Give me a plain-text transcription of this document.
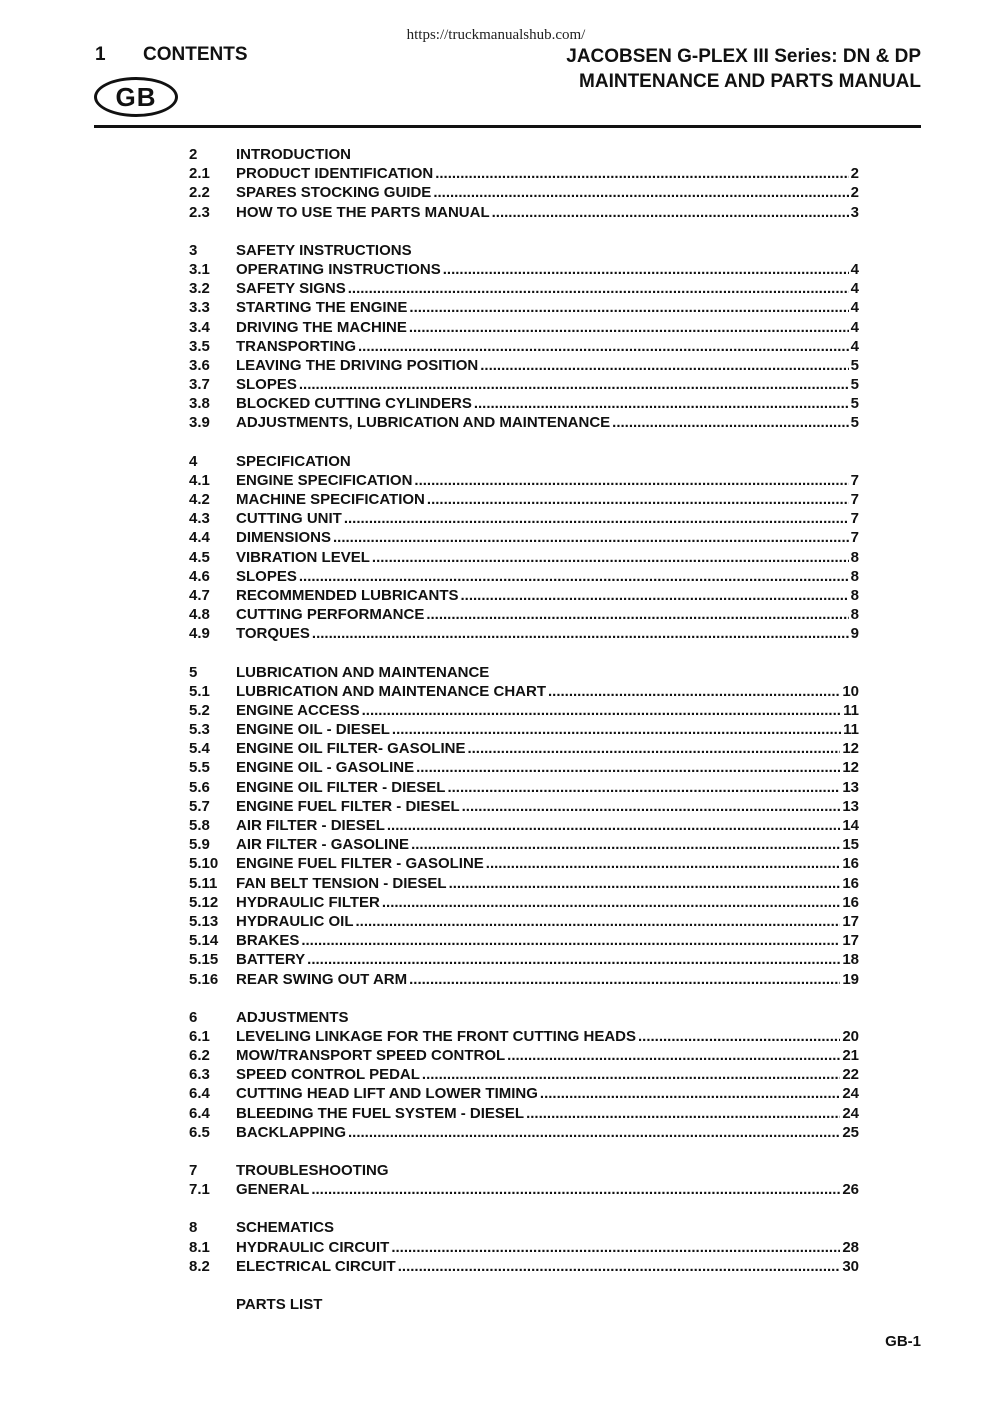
https://truckmanualshub.com/
1 CONTENTS
GB
JACOBSEN G-PLEX III Series: DN & DP
MAINTENANCE AND PARTS MANUAL
2	INTRODUCTION
2.1	PRODUCT IDENTIFICATION .....	2
2.2	SPARES STOCKING GUIDE .....	2
2.3	HOW TO USE THE PARTS MANUAL .....	3
3	SAFETY INSTRUCTIONS
3.1	OPERATING INSTRUCTIONS .....	4
3.2	SAFETY SIGNS .....	4
3.3	STARTING THE ENGINE .....	4
3.4	DRIVING THE MACHINE .....	4
3.5	TRANSPORTING .....	4
3.6	LEAVING THE DRIVING POSITION .....	5
3.7	SLOPES .....	5
3.8	BLOCKED CUTTING CYLINDERS .....	5
3.9	ADJUSTMENTS, LUBRICATION AND MAINTENANCE .....	5
4	SPECIFICATION
4.1	ENGINE SPECIFICATION .....	7
4.2	MACHINE SPECIFICATION .....	7
4.3	CUTTING UNIT .....	7
4.4	DIMENSIONS .....	7
4.5	VIBRATION LEVEL .....	8
4.6	SLOPES .....	8
4.7	RECOMMENDED LUBRICANTS .....	8
4.8	CUTTING PERFORMANCE .....	8
4.9	TORQUES .....	9
5	LUBRICATION AND MAINTENANCE
5.1	LUBRICATION AND MAINTENANCE CHART .....	10
5.2	ENGINE ACCESS .....	11
5.3	ENGINE OIL - DIESEL .....	11
5.4	ENGINE OIL FILTER- GASOLINE .....	12
5.5	ENGINE OIL - GASOLINE .....	12
5.6	ENGINE OIL FILTER - DIESEL .....	13
5.7	ENGINE FUEL FILTER - DIESEL .....	13
5.8	AIR FILTER - DIESEL .....	14
5.9	AIR FILTER - GASOLINE .....	15
5.10	ENGINE FUEL FILTER - GASOLINE .....	16
5.11	FAN BELT TENSION - DIESEL .....	16
5.12	HYDRAULIC FILTER .....	16
5.13	HYDRAULIC OIL .....	17
5.14	BRAKES .....	17
5.15	BATTERY .....	18
5.16	REAR SWING OUT ARM .....	19
6	ADJUSTMENTS
6.1	LEVELING LINKAGE FOR THE FRONT CUTTING HEADS .....	20
6.2	MOW/TRANSPORT SPEED CONTROL .....	21
6.3	SPEED CONTROL PEDAL .....	22
6.4	CUTTING HEAD LIFT AND LOWER TIMING .....	24
6.4	BLEEDING THE FUEL SYSTEM - DIESEL .....	24
6.5	BACKLAPPING .....	25
7	TROUBLESHOOTING
7.1	GENERAL .....	26
8	SCHEMATICS
8.1	HYDRAULIC CIRCUIT .....	28
8.2	ELECTRICAL CIRCUIT .....	30
PARTS LIST
GB-1
